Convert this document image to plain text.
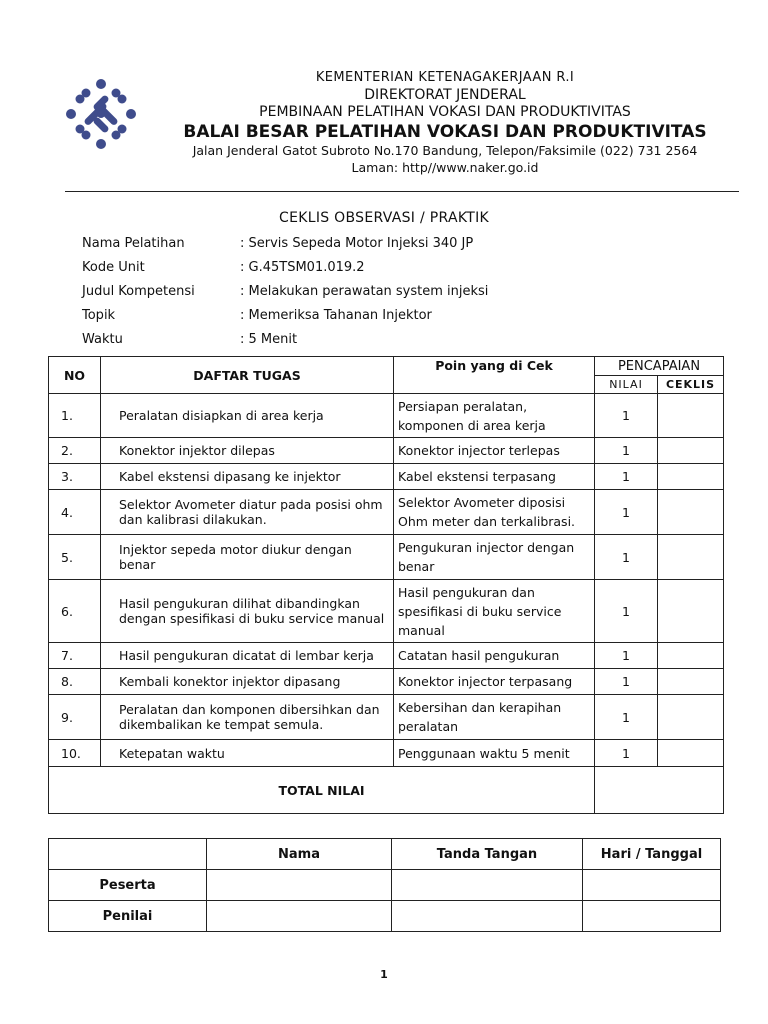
KEMENTERIAN KETENAGAKERJAAN R.I
DIREKTORAT JENDERAL
PEMBINAAN PELATIHAN VOKASI DAN PRODUKTIVITAS
BALAI BESAR PELATIHAN VOKASI DAN PRODUKTIVITAS
Jalan Jenderal Gatot Subroto No.170 Bandung, Telepon/Faksimile (022) 731 2564
Laman: http//www.naker.go.id
CEKLIS OBSERVASI / PRAKTIK
Nama Pelatihan	: Servis Sepeda Motor Injeksi 340 JP
Kode Unit	: G.45TSM01.019.2
Judul Kompetensi	: Melakukan perawatan system injeksi
Topik	: Memeriksa Tahanan Injektor
Waktu	: 5 Menit
NO	DAFTAR TUGAS	Poin yang di Cek	PENCAPAIAN	
			NILAI	CEKLIS
1.	Peralatan disiapkan di area kerja	Persiapan peralatan, komponen di area kerja	1	
2.	Konektor injektor dilepas	Konektor injector terlepas	1	
3.	Kabel ekstensi dipasang ke injektor	Kabel ekstensi terpasang	1	
4.	Selektor Avometer diatur pada posisi ohm dan kalibrasi dilakukan.	Selektor Avometer diposisi Ohm meter dan terkalibrasi.	1	
5.	Injektor sepeda motor diukur dengan benar	Pengukuran injector dengan benar	1	
6.	Hasil pengukuran dilihat dibandingkan dengan spesifikasi di buku service manual	Hasil pengukuran dan spesifikasi di buku service manual	1	
7.	Hasil pengukuran dicatat di lembar kerja	Catatan hasil pengukuran	1	
8.	Kembali konektor injektor dipasang	Konektor injector terpasang	1	
9.	Peralatan dan komponen dibersihkan dan dikembalikan ke tempat semula.	Kebersihan dan kerapihan peralatan	1	
10.	Ketepatan waktu	Penggunaan waktu 5 menit	1	
TOTAL NILAI				
	Nama	Tanda Tangan	Hari / Tanggal
Peserta			
Penilai			
1
